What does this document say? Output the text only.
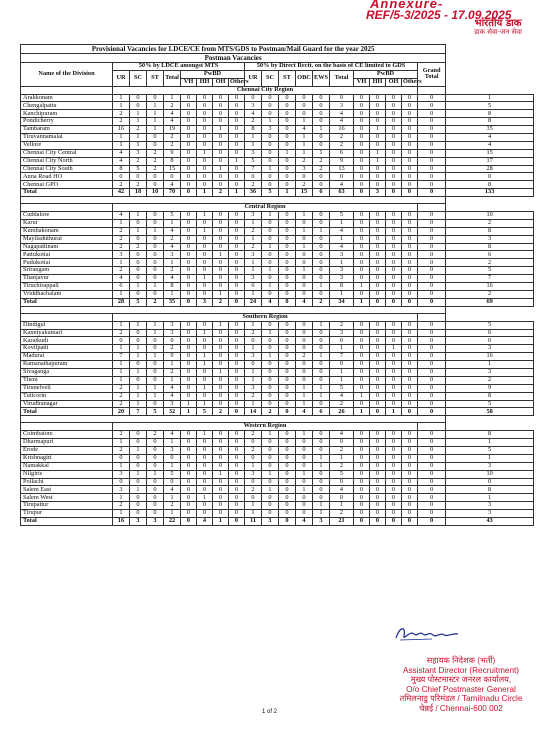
Annexure-
REF/5-3/2025 - 17.09.2025
भारतीय डाक
डाक सेवा-जन सेवा
Provisional Vacancies for LDCE/CE from MTS/GDS to Postman/Mail Guard for the year 2025																				
Postman Vacancies																				
Name of the Division	50% by LDCE amongst MTS								50% by Direct Rectt. on the basis of CE limited to GDS										Grand Total	
	UR	SC	ST	Total	PwBD				UR	SC	ST	OBC	EWS	Total	PwBD					
					VH	HH	OH	Others							VH	HH	OH	Others		
	Chennai City Region																			
Arakkonam	1	0	0	1	0	0	0	0	0	0	0	0	0	0	0	0	0	0	0	1
Chengalpattu	1	0	1	2	0	0	0	0	3	0	0	0	0	3	0	0	0	0	0	5
Kanchipuram	2	1	1	4	0	0	0	0	4	0	0	0	0	4	0	0	0	0	0	8
Pondicherry	2	1	1	4	0	0	0	0	2	1	0	1	0	4	0	0	0	0	0	8
Tambaram	16	2	1	19	0	0	1	0	8	3	0	4	1	16	0	1	0	0	0	35
Tiruvannamalai	1	1	0	2	0	0	0	0	1	0	0	1	0	2	0	0	0	0	0	4
Vellore	1	1	0	2	0	0	0	0	1	0	0	1	0	2	0	0	0	0	0	4
Chennai City Central	4	3	2	9	0	1	0	0	3	0	1	1	1	6	0	1	0	0	0	15
Chennai City North	4	2	2	8	0	0	0	1	5	0	0	2	2	9	0	1	0	0	0	17
Chennai City South	8	5	2	15	0	0	1	0	7	1	0	3	2	13	0	0	0	0	0	28
Anna Road HO	0	0	0	0	0	0	0	0	0	0	0	0	0	0	0	0	0	0	0	0
Chennai GPO	2	2	0	4	0	0	0	0	2	0	0	2	0	4	0	0	0	0	0	8
Total	42	18	10	70	0	1	2	1	36	5	1	15	6	63	0	3	0	0	0	133

	Central Region																			
Cuddalore	4	1	0	5	0	1	0	0	3	1	0	1	0	5	0	0	0	0	0	10
Karur	1	0	0	1	0	0	0	0	1	0	0	0	0	1	0	0	0	0	0	2
Kumbakonam	2	1	1	4	0	1	0	0	2	0	0	1	1	4	0	0	0	0	0	8
Mayiladuthurai	2	0	0	2	0	0	0	0	1	0	0	0	0	1	0	0	0	0	0	3
Nagapattinam	2	2	0	4	0	0	0	0	2	1	0	1	0	4	0	0	0	0	0	8
Pattukottai	3	0	0	3	0	0	1	0	3	0	0	0	0	3	0	0	0	0	0	6
Pudukottai	1	0	0	1	0	0	0	0	1	0	0	0	0	1	0	0	0	0	0	2
Srirangam	2	0	0	2	0	0	0	0	1	1	0	1	0	3	0	0	0	0	0	5
Thanjavur	4	0	0	4	0	1	0	0	3	0	0	0	0	3	0	0	0	0	0	7
Tiruchirappali	6	1	1	8	0	0	0	0	6	1	0	0	1	8	1	0	0	0	0	16
Vriddhachalam	1	0	0	1	0	0	1	0	1	0	0	0	0	1	0	0	0	0	0	2
Total	28	5	2	35	0	3	2	0	24	4	0	4	2	34	1	0	0	0	0	69

	Southern Region																			
Dindigul	1	1	1	3	0	0	1	0	1	0	0	0	1	2	0	0	0	0	0	5
Kanniyakumari	2	0	1	3	0	1	0	0	2	1	0	0	0	3	0	0	0	0	0	6
Karaikudi	0	0	0	0	0	0	0	0	0	0	0	0	0	0	0	0	0	0	0	0
Kovilpatti	1	1	0	2	0	0	0	0	1	0	0	0	0	1	0	0	1	0	0	3
Madurai	7	1	1	9	0	1	0	0	3	1	0	2	1	7	0	0	0	0	0	16
Ramanathapuram	1	0	0	1	0	1	0	0	0	0	0	0	0	0	0	0	0	0	0	1
Sivaganga	1	1	0	2	0	0	1	0	1	0	0	0	0	1	0	0	0	0	0	3
Theni	1	0	0	1	0	0	0	0	1	0	0	0	0	1	0	0	0	0	0	2
Tirunelveli	2	1	1	4	0	1	0	0	3	0	0	1	1	5	0	0	0	0	0	9
Tuticorin	2	1	1	4	0	0	0	0	2	0	0	1	1	4	1	0	0	0	0	8
Virudhunagar	2	1	0	3	1	1	0	0	1	0	0	1	0	2	0	0	0	0	0	5
Total	20	7	5	32	1	5	2	0	14	2	0	4	6	26	1	0	1	0	0	58

	Western Region																			
Coimbatore	2	0	2	4	0	1	0	0	2	1	0	1	0	4	0	0	0	0	0	8
Dharmapuri	1	0	0	1	0	0	0	0	0	0	0	0	0	0	0	0	0	0	0	1
Erode	2	1	0	3	0	0	0	0	2	0	0	0	0	2	0	0	0	0	0	5
Krishnagiri	0	0	0	0	0	0	0	0	0	0	0	0	1	1	0	0	0	0	0	1
Namakkal	1	0	0	1	0	0	0	0	1	0	0	0	1	2	0	0	0	0	0	3
Nilgiris	3	1	1	5	0	0	1	0	3	1	0	1	0	5	0	0	0	0	0	10
Pollachi	0	0	0	0	0	0	0	0	0	0	0	0	0	0	0	0	0	0	0	0
Salem East	3	1	0	4	0	0	0	0	2	1	0	1	0	4	0	0	0	0	0	8
Salem West	1	0	0	1	0	1	0	0	0	0	0	0	0	0	0	0	0	0	0	1
Tirupattur	2	0	0	2	0	0	0	0	1	0	0	0	1	1	0	0	0	0	0	3
Tirupur	1	0	0	1	0	0	0	0	1	0	0	0	1	2	0	0	0	0	0	3
Total	16	3	3	22	0	4	1	0	11	3	0	4	3	21	0	0	0	0	0	43
1 of 2
सहायक निदेशक (भर्ती)
Assistant Director (Recruitment)
मुख्य पोस्टमास्टर जनरल कार्यालय,
O/o Chief Postmaster General
तमिलनाडु परिमंडल / Tamilnadu Circle
चेन्नई / Chennai-600 002
